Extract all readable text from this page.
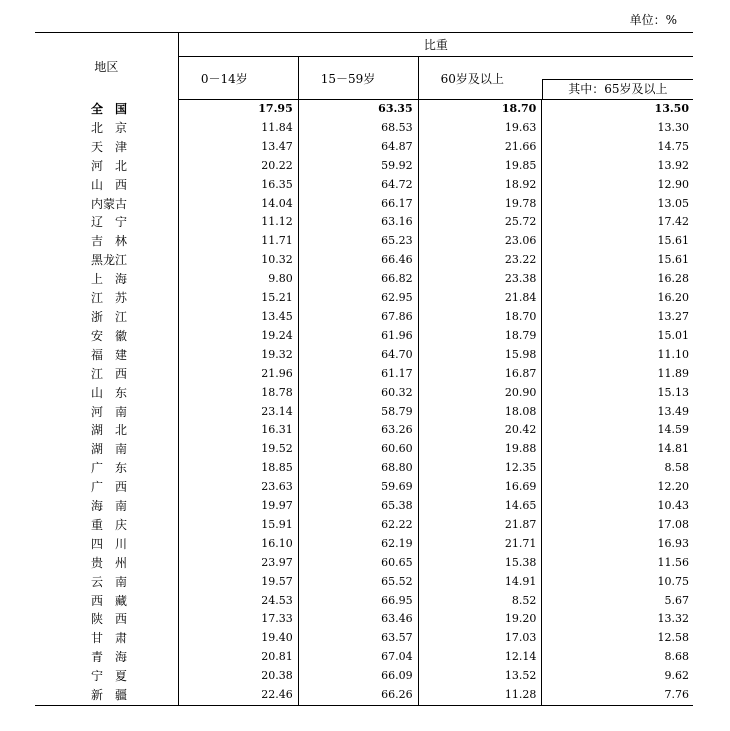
单位：%
地区	比重			
	0－14岁	15－59岁	60岁及以上	其中：65岁及以上

全　国	17.95	63.35	18.70	13.50
北　京	11.84	68.53	19.63	13.30
天　津	13.47	64.87	21.66	14.75
河　北	20.22	59.92	19.85	13.92
山　西	16.35	64.72	18.92	12.90
内蒙古	14.04	66.17	19.78	13.05
辽　宁	11.12	63.16	25.72	17.42
吉　林	11.71	65.23	23.06	15.61
黑龙江	10.32	66.46	23.22	15.61
上　海	9.80	66.82	23.38	16.28
江　苏	15.21	62.95	21.84	16.20
浙　江	13.45	67.86	18.70	13.27
安　徽	19.24	61.96	18.79	15.01
福　建	19.32	64.70	15.98	11.10
江　西	21.96	61.17	16.87	11.89
山　东	18.78	60.32	20.90	15.13
河　南	23.14	58.79	18.08	13.49
湖　北	16.31	63.26	20.42	14.59
湖　南	19.52	60.60	19.88	14.81
广　东	18.85	68.80	12.35	8.58
广　西	23.63	59.69	16.69	12.20
海　南	19.97	65.38	14.65	10.43
重　庆	15.91	62.22	21.87	17.08
四　川	16.10	62.19	21.71	16.93
贵　州	23.97	60.65	15.38	11.56
云　南	19.57	65.52	14.91	10.75
西　藏	24.53	66.95	8.52	5.67
陕　西	17.33	63.46	19.20	13.32
甘　肃	19.40	63.57	17.03	12.58
青　海	20.81	67.04	12.14	8.68
宁　夏	20.38	66.09	13.52	9.62
新　疆	22.46	66.26	11.28	7.76
